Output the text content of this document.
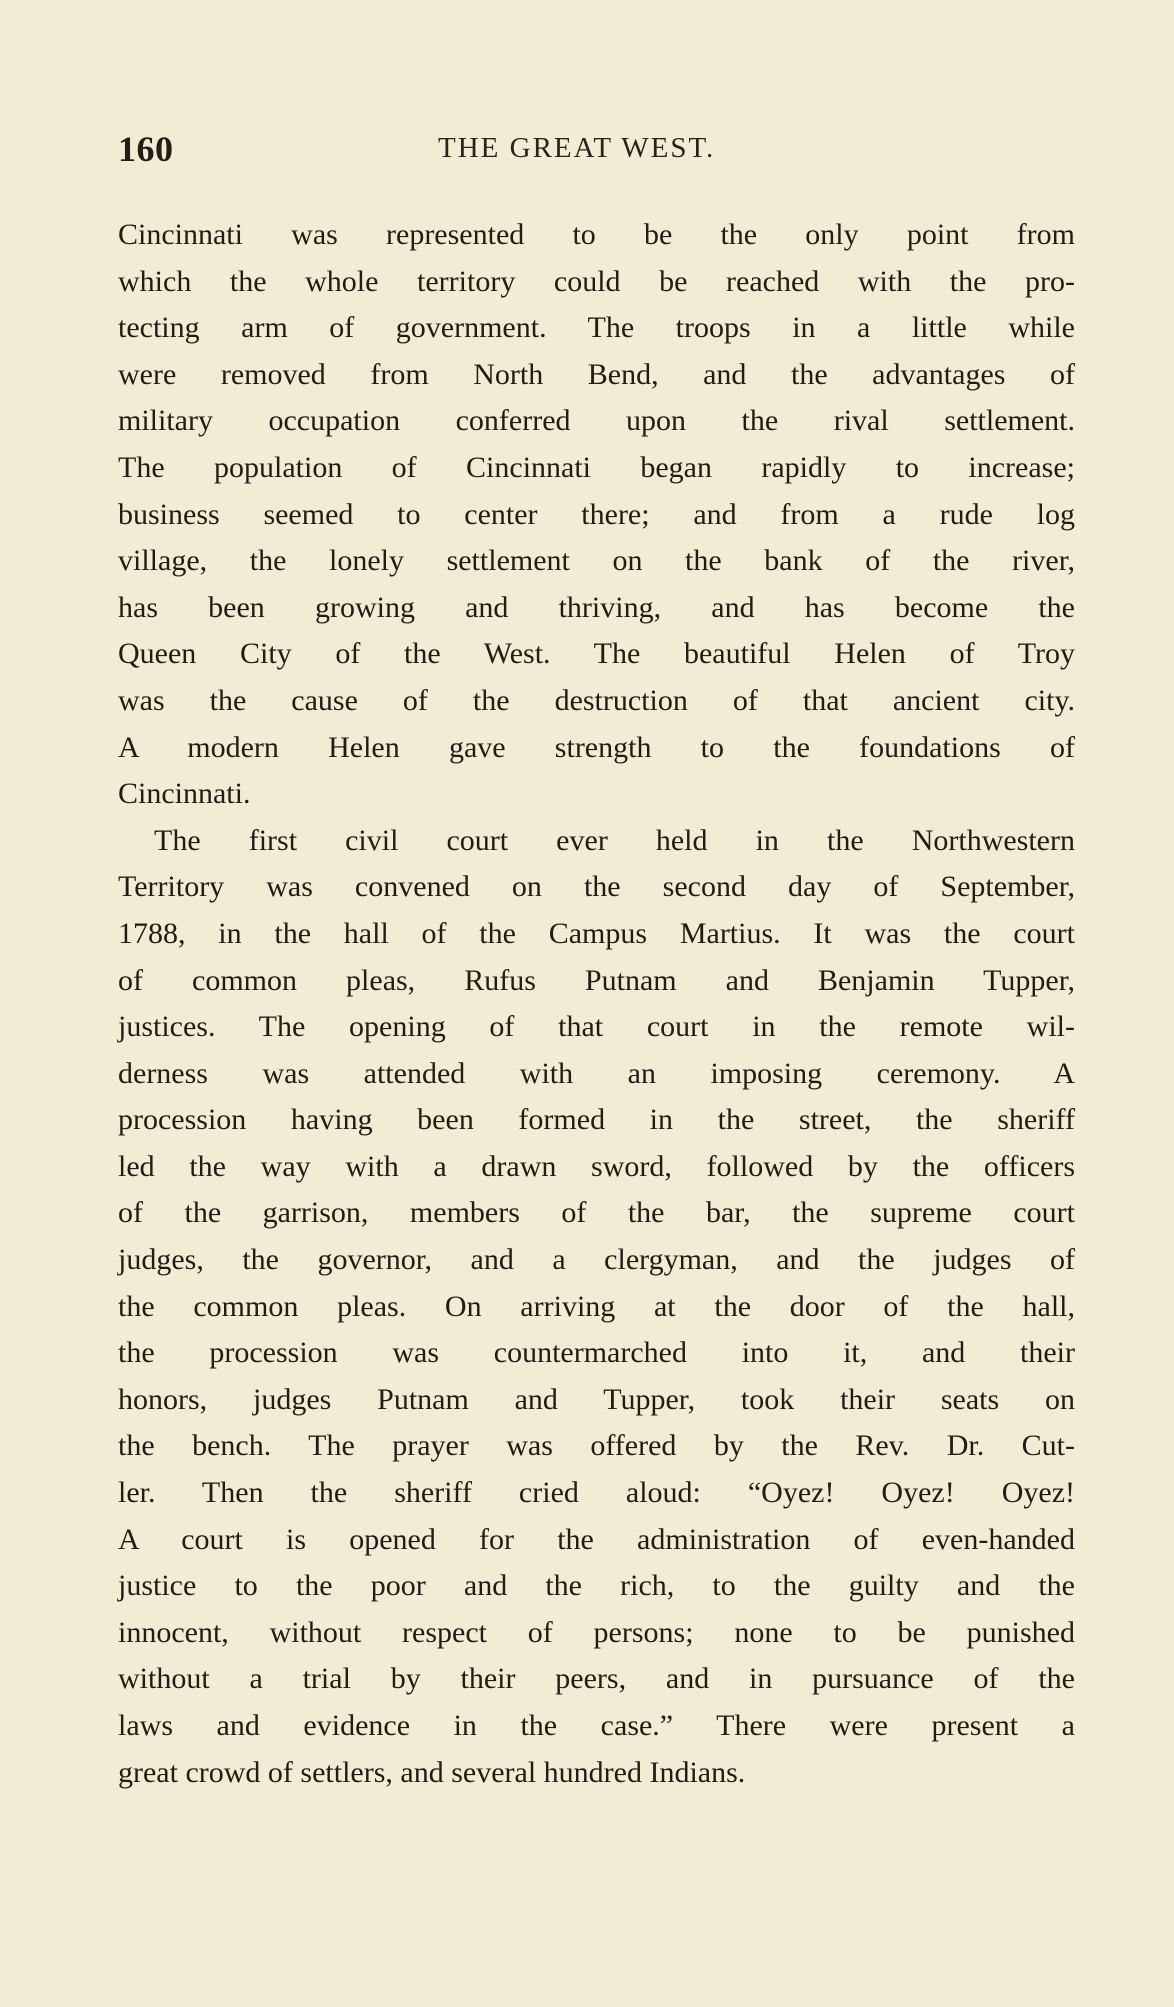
160	THE GREAT WEST.

Cincinnati was represented to be the only point from
which the whole territory could be reached with the pro-
tecting arm of government. The troops in a little while
were removed from North Bend, and the advantages of
military occupation conferred upon the rival settlement.
The population of Cincinnati began rapidly to increase;
business seemed to center there; and from a rude log
village, the lonely settlement on the bank of the river,
has been growing and thriving, and has become the
Queen City of the West. The beautiful Helen of Troy
was the cause of the destruction of that ancient city.
A modern Helen gave strength to the foundations of
Cincinnati.

The first civil court ever held in the Northwestern
Territory was convened on the second day of September,
1788, in the hall of the Campus Martius. It was the court
of common pleas, Rufus Putnam and Benjamin Tupper,
justices. The opening of that court in the remote wil-
derness was attended with an imposing ceremony. A
procession having been formed in the street, the sheriff
led the way with a drawn sword, followed by the officers
of the garrison, members of the bar, the supreme court
judges, the governor, and a clergyman, and the judges of
the common pleas. On arriving at the door of the hall,
the procession was countermarched into it, and their
honors, judges Putnam and Tupper, took their seats on
the bench. The prayer was offered by the Rev. Dr. Cut-
ler. Then the sheriff cried aloud: “Oyez! Oyez! Oyez!
A court is opened for the administration of even-handed
justice to the poor and the rich, to the guilty and the
innocent, without respect of persons; none to be punished
without a trial by their peers, and in pursuance of the
laws and evidence in the case.” There were present a
great crowd of settlers, and several hundred Indians.
